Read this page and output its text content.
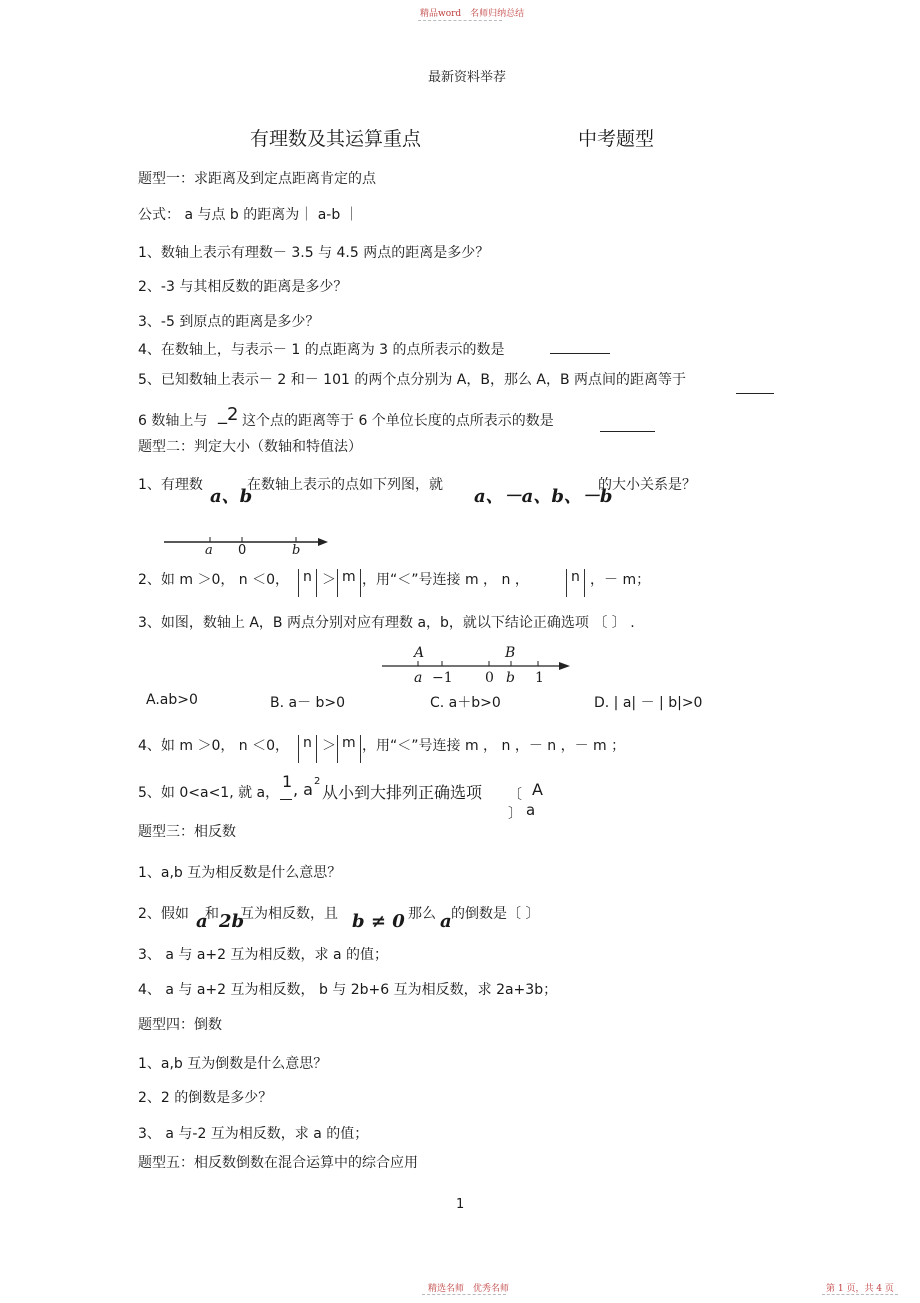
精品word　名师归纳总结
最新资料举荐
有理数及其运算重点	中考题型
题型一：求距离及到定点距离肯定的点
公式： a 与点 b 的距离为｜ a-b ｜
1、数轴上表示有理数－ 3.5 与 4.5 两点的距离是多少？
2、-3 与其相反数的距离是多少？
3、-5 到原点的距离是多少？
4、在数轴上，与表示－ 1 的点距离为 3 的点所表示的数是
5、已知数轴上表示－ 2 和－ 101 的两个点分别为 A，B，那么 A，B 两点间的距离等于
6 数轴上与 _2 这个点的距离等于 6 个单位长度的点所表示的数是
题型二：判定大小（数轴和特值法）
1、有理数
a、b
在数轴上表示的点如下列图，就
a、－a、b、－b
的大小关系是？
a 0	b
2、如 m ＞0， n ＜0， n ＞ m ，用“＜”号连接 m ， n ，	n ，－ m；
3、如图，数轴上 A，B 两点分别对应有理数 a，b，就以下结论正确选项 〔 〕 .
A	B
a −1 0 b 1
A.ab>0	B. a－ b>0	C. a＋b>0	D. | a| － | b|>0
4、如 m ＞0， n ＜0， n ＞ m ，用“＜”号连接 m ， n ，－ n ，－ m ；
5、如 0<a<1, 就 a，
1 , a 2
从小到大排列正确选项 〔 A
〕 a
题型三：相反数
1、a,b 互为相反数是什么意思？
2、假如 a
和 2b
互为相反数，且 b ≠ 0
，那么 a 的倒数是〔 〕
3、 a 与 a+2 互为相反数，求 a 的值；
4、 a 与 a+2 互为相反数， b 与 2b+6 互为相反数，求 2a+3b；
题型四：倒数
1、a,b 互为倒数是什么意思？
2、2 的倒数是多少？
3、 a 与-2 互为相反数，求 a 的值；
题型五：相反数倒数在混合运算中的综合应用
1
精选名师　优秀名师	第 1 页，共 4 页
